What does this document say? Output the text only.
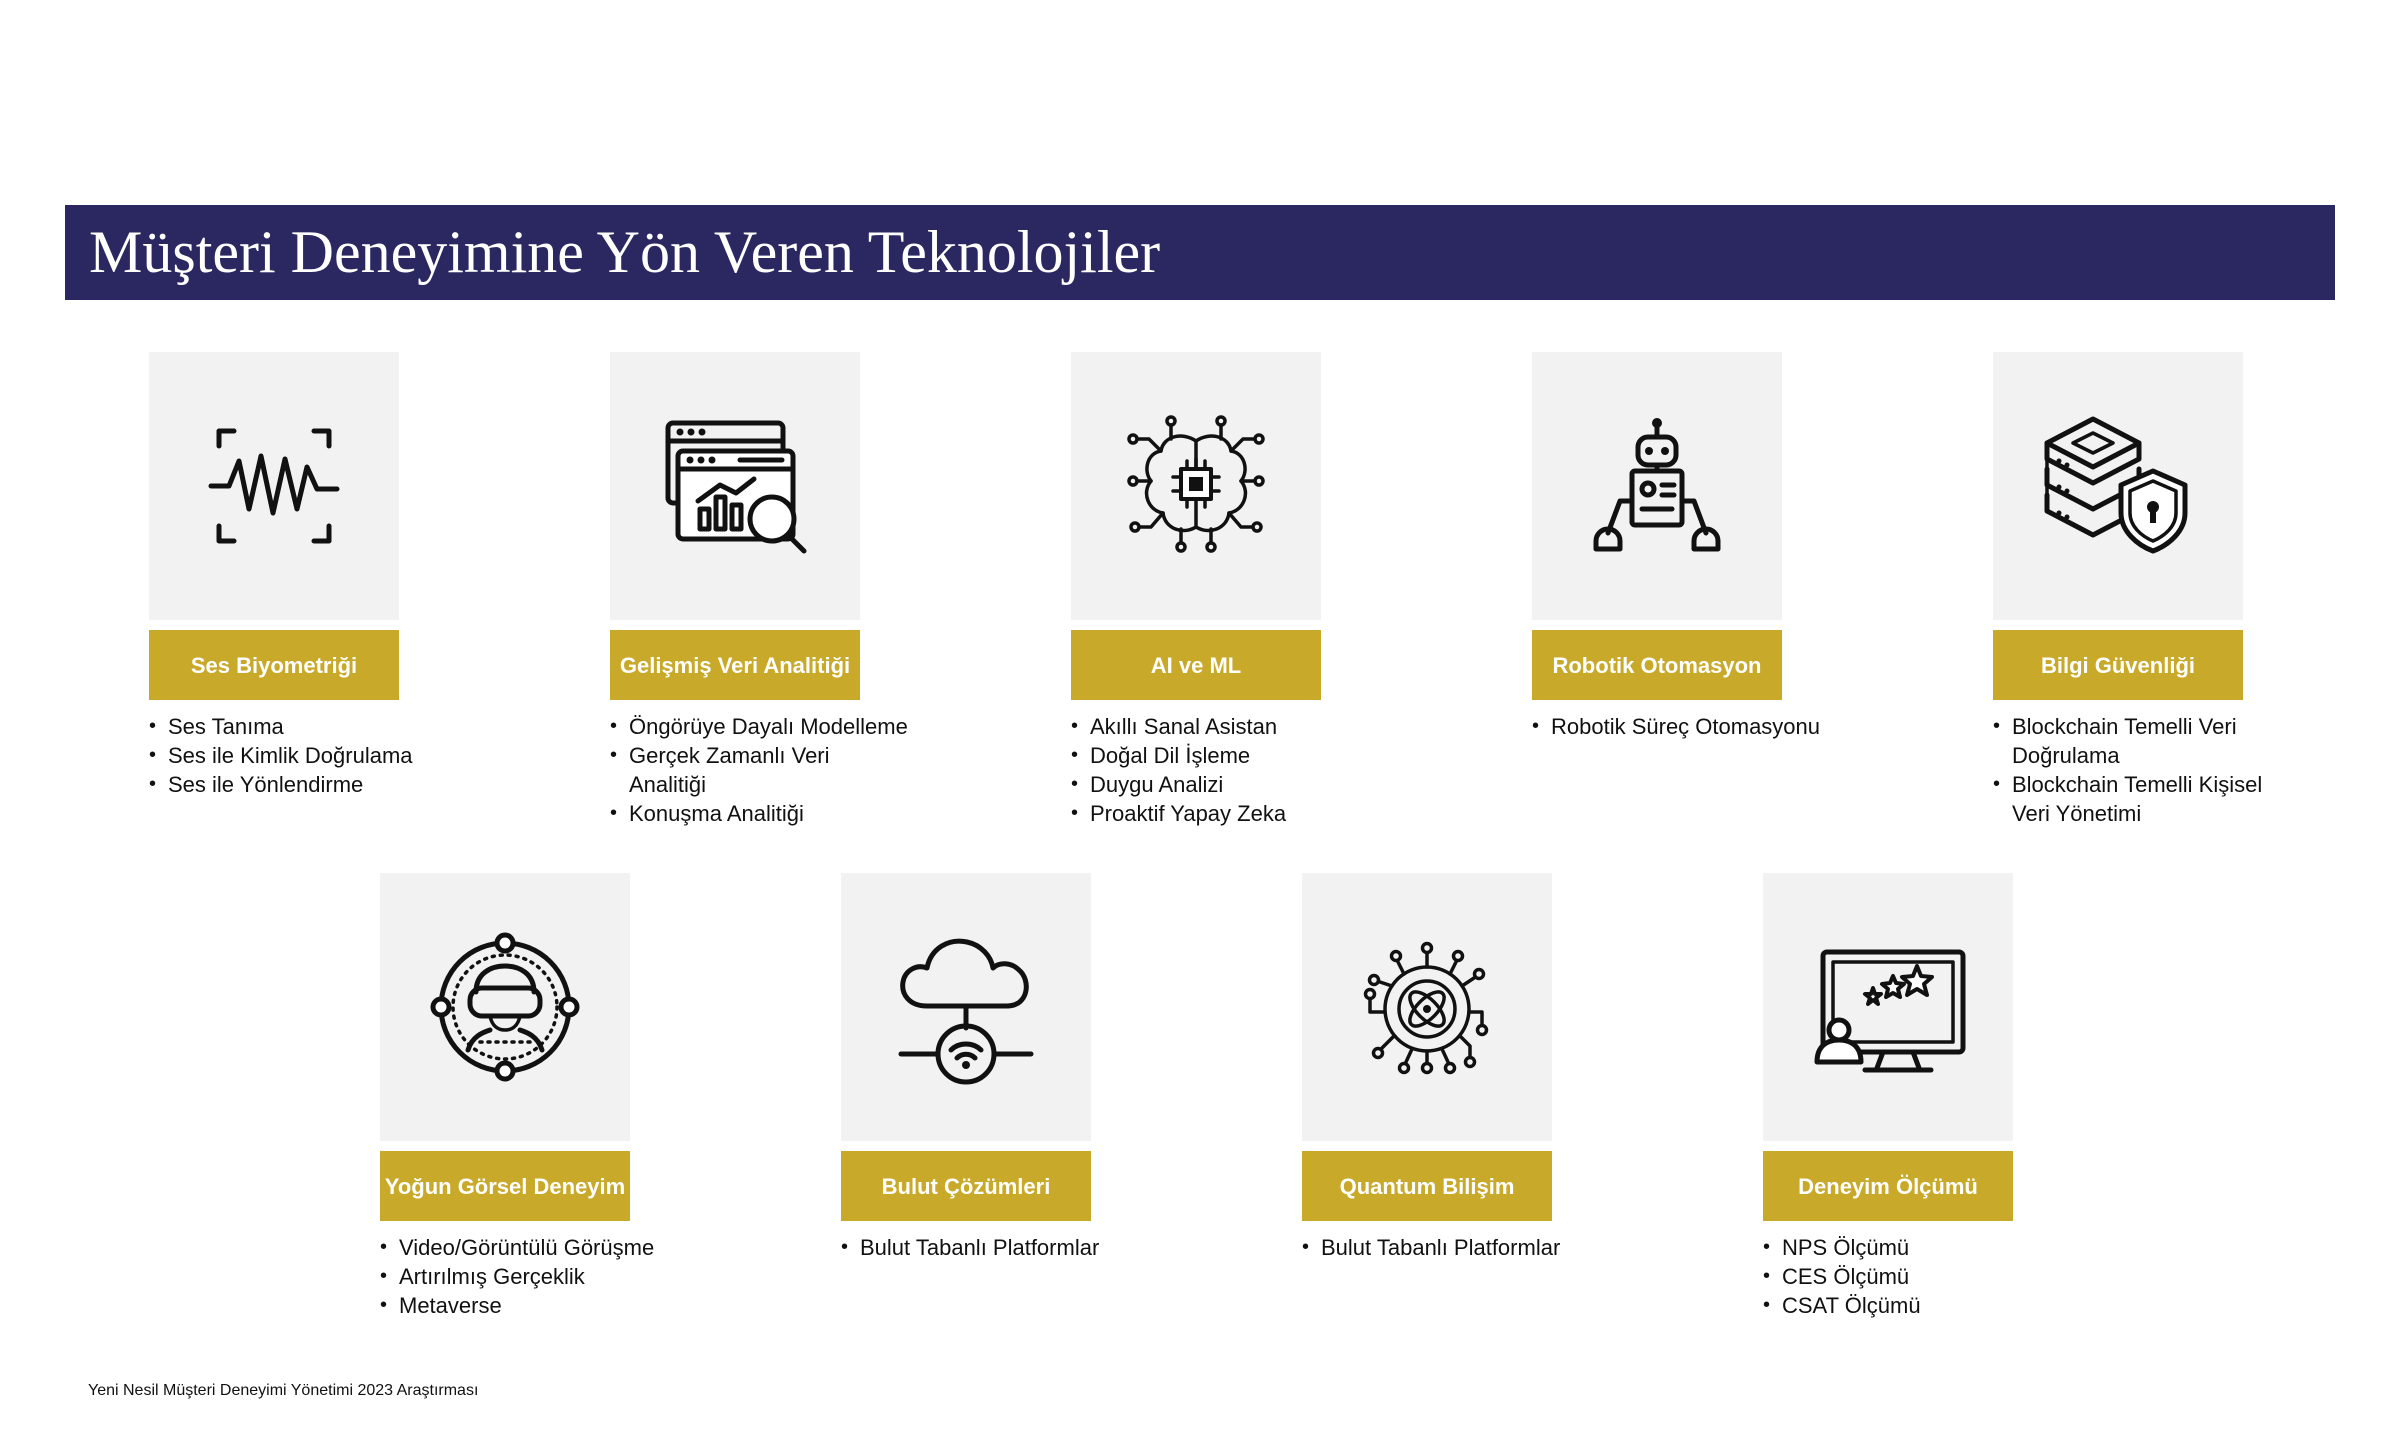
Müşteri Deneyimine Yön Veren Teknolojiler
Ses Biyometriği
• Ses Tanıma
• Ses ile Kimlik Doğrulama
• Ses ile Yönlendirme
Gelişmiş Veri Analitiği
• Öngörüye Dayalı Modelleme
• Gerçek Zamanlı Veri Analitiği
• Konuşma Analitiği
AI ve ML
• Akıllı Sanal Asistan
• Doğal Dil İşleme
• Duygu Analizi
• Proaktif Yapay Zeka
Robotik Otomasyon
• Robotik Süreç Otomasyonu
Bilgi Güvenliği
• Blockchain Temelli Veri Doğrulama
• Blockchain Temelli Kişisel Veri Yönetimi
Yoğun Görsel Deneyim
• Video/Görüntülü Görüşme
• Artırılmış Gerçeklik
• Metaverse
Bulut Çözümleri
• Bulut Tabanlı Platformlar
Quantum Bilişim
• Bulut Tabanlı Platformlar
Deneyim Ölçümü
• NPS Ölçümü
• CES Ölçümü
• CSAT Ölçümü
Yeni Nesil Müşteri Deneyimi Yönetimi 2023 Araştırması
